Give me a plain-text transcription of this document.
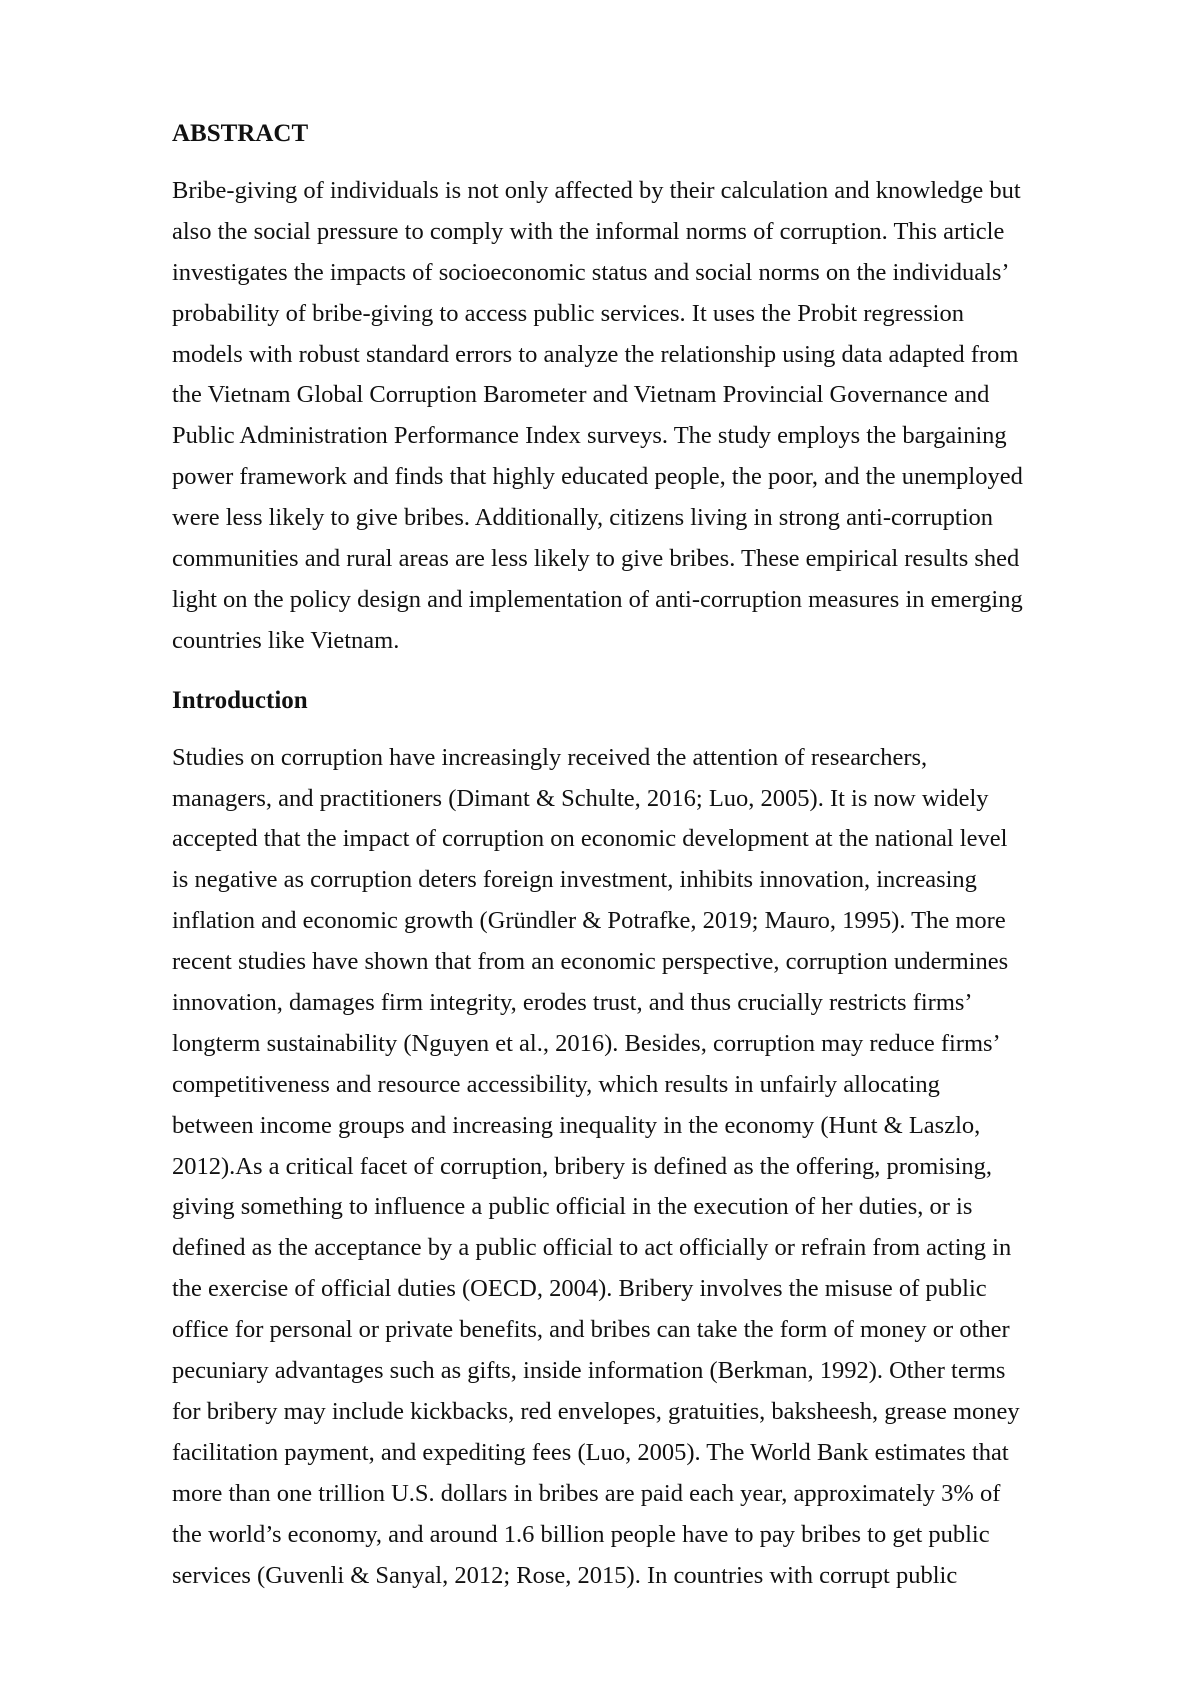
ABSTRACT
Bribe-giving of individuals is not only affected by their calculation and knowledge but
also the social pressure to comply with the informal norms of corruption. This article
investigates the impacts of socioeconomic status and social norms on the individuals’
probability of bribe-giving to access public services. It uses the Probit regression
models with robust standard errors to analyze the relationship using data adapted from
the Vietnam Global Corruption Barometer and Vietnam Provincial Governance and
Public Administration Performance Index surveys. The study employs the bargaining
power framework and finds that highly educated people, the poor, and the unemployed
were less likely to give bribes. Additionally, citizens living in strong anti-corruption
communities and rural areas are less likely to give bribes. These empirical results shed
light on the policy design and implementation of anti-corruption measures in emerging
countries like Vietnam.
Introduction
Studies on corruption have increasingly received the attention of researchers,
managers, and practitioners (Dimant & Schulte, 2016; Luo, 2005). It is now widely
accepted that the impact of corruption on economic development at the national level
is negative as corruption deters foreign investment, inhibits innovation, increasing
inflation and economic growth (Gründler & Potrafke, 2019; Mauro, 1995). The more
recent studies have shown that from an economic perspective, corruption undermines
innovation, damages firm integrity, erodes trust, and thus crucially restricts firms’
longterm sustainability (Nguyen et al., 2016). Besides, corruption may reduce firms’
competitiveness and resource accessibility, which results in unfairly allocating
between income groups and increasing inequality in the economy (Hunt & Laszlo,
2012).As a critical facet of corruption, bribery is defined as the offering, promising,
giving something to influence a public official in the execution of her duties, or is
defined as the acceptance by a public official to act officially or refrain from acting in
the exercise of official duties (OECD, 2004). Bribery involves the misuse of public
office for personal or private benefits, and bribes can take the form of money or other
pecuniary advantages such as gifts, inside information (Berkman, 1992). Other terms
for bribery may include kickbacks, red envelopes, gratuities, baksheesh, grease money
facilitation payment, and expediting fees (Luo, 2005). The World Bank estimates that
more than one trillion U.S. dollars in bribes are paid each year, approximately 3% of
the world’s economy, and around 1.6 billion people have to pay bribes to get public
services (Guvenli & Sanyal, 2012; Rose, 2015). In countries with corrupt public
